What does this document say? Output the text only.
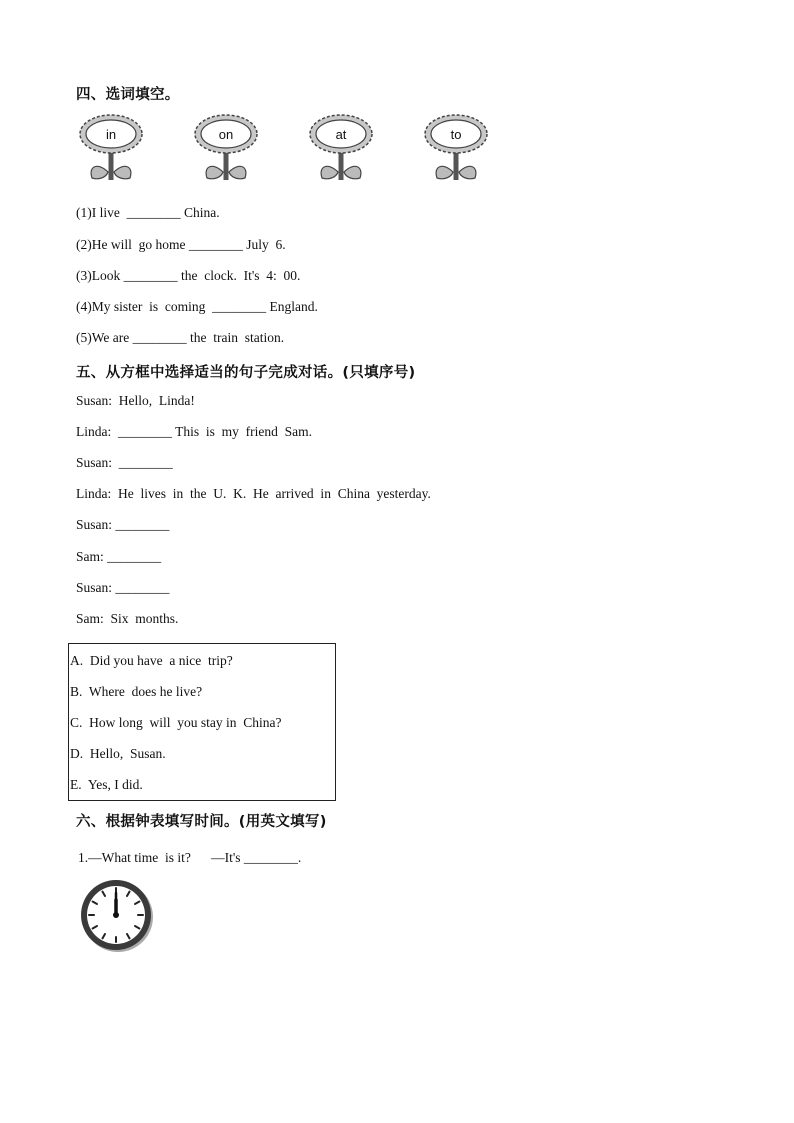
四、选词填空。
in	on	at	to
(1)I live  ________ China.
(2)He will  go home ________ July  6.
(3)Look ________ the  clock.  It's  4:  00.
(4)My sister  is  coming  ________ England.
(5)We are ________ the  train  station.
五、从方框中选择适当的句子完成对话。(只填序号)
Susan:  Hello,  Linda!
Linda:  ________ This  is  my  friend  Sam.
Susan:  ________
Linda:  He  lives  in  the  U.  K.  He  arrived  in  China  yesterday.
Susan: ________
Sam: ________
Susan: ________
Sam:  Six  months.
A.  Did you have  a nice  trip?
B.  Where  does he live?
C.  How long  will  you stay in  China?
D.  Hello,  Susan.
E.  Yes, I did.
六、根据钟表填写时间。(用英文填写)
1.—What time  is it?      —It's ________.
